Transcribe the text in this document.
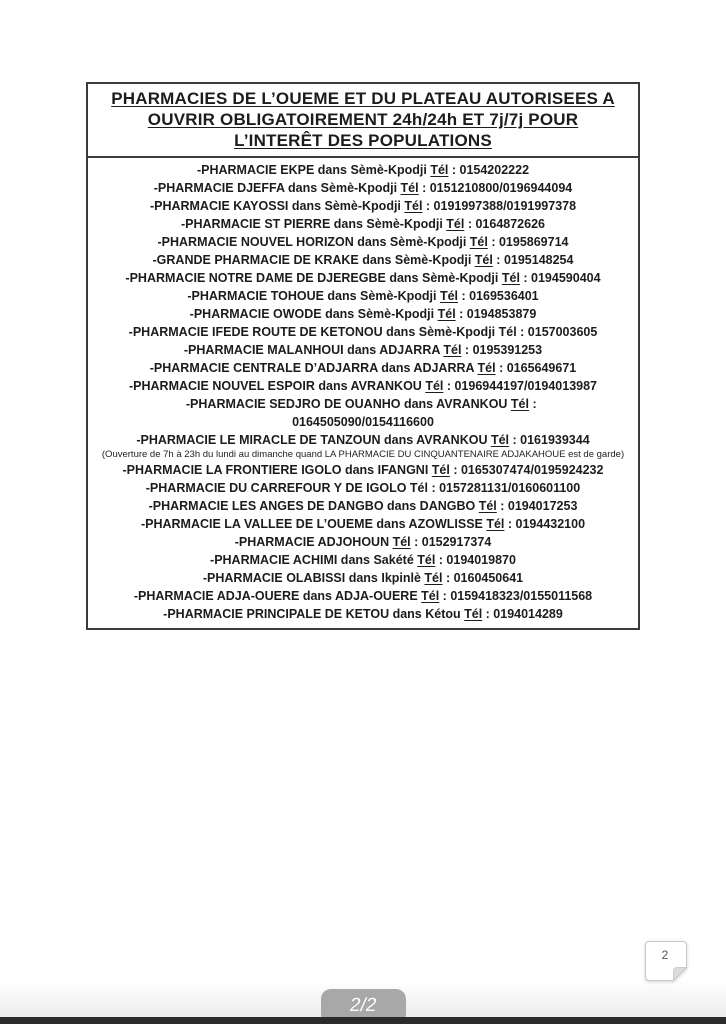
PHARMACIES DE L’OUEME ET DU PLATEAU AUTORISEES A
OUVRIR OBLIGATOIREMENT 24h/24h ET 7j/7j POUR
L’INTERÊT DES POPULATIONS
-PHARMACIE EKPE dans Sèmè-Kpodji Tél : 0154202222
-PHARMACIE DJEFFA dans Sèmè-Kpodji Tél : 0151210800/0196944094
-PHARMACIE KAYOSSI dans Sèmè-Kpodji Tél : 0191997388/0191997378
-PHARMACIE ST PIERRE dans Sèmè-Kpodji Tél : 0164872626
-PHARMACIE NOUVEL HORIZON dans Sèmè-Kpodji Tél : 0195869714
-GRANDE PHARMACIE DE KRAKE dans Sèmè-Kpodji Tél : 0195148254
-PHARMACIE NOTRE DAME DE DJEREGBE dans Sèmè-Kpodji Tél : 0194590404
-PHARMACIE TOHOUE dans Sèmè-Kpodji Tél : 0169536401
-PHARMACIE OWODE dans Sèmè-Kpodji Tél : 0194853879
-PHARMACIE IFEDE ROUTE DE KETONOU dans Sèmè-Kpodji Tél : 0157003605
-PHARMACIE MALANHOUI dans ADJARRA Tél : 0195391253
-PHARMACIE CENTRALE D’ADJARRA dans ADJARRA Tél : 0165649671
-PHARMACIE NOUVEL ESPOIR dans AVRANKOU Tél : 0196944197/0194013987
-PHARMACIE SEDJRO DE OUANHO dans AVRANKOU Tél :
0164505090/0154116600
-PHARMACIE LE MIRACLE DE TANZOUN dans AVRANKOU Tél : 0161939344
(Ouverture de 7h à 23h du lundi au dimanche quand LA PHARMACIE DU CINQUANTENAIRE ADJAKAHOUE est de garde)
-PHARMACIE LA FRONTIERE IGOLO dans IFANGNI Tél : 0165307474/0195924232
-PHARMACIE DU CARREFOUR Y DE IGOLO Tél : 0157281131/0160601100
-PHARMACIE LES ANGES DE DANGBO dans DANGBO Tél : 0194017253
-PHARMACIE LA VALLEE DE L’OUEME dans AZOWLISSE Tél : 0194432100
-PHARMACIE ADJOHOUN Tél : 0152917374
-PHARMACIE ACHIMI dans Sakété Tél : 0194019870
-PHARMACIE OLABISSI dans Ikpinlè Tél : 0160450641
-PHARMACIE ADJA-OUERE dans ADJA-OUERE Tél : 0159418323/0155011568
-PHARMACIE PRINCIPALE DE KETOU dans Kétou Tél : 0194014289
2/2
2
